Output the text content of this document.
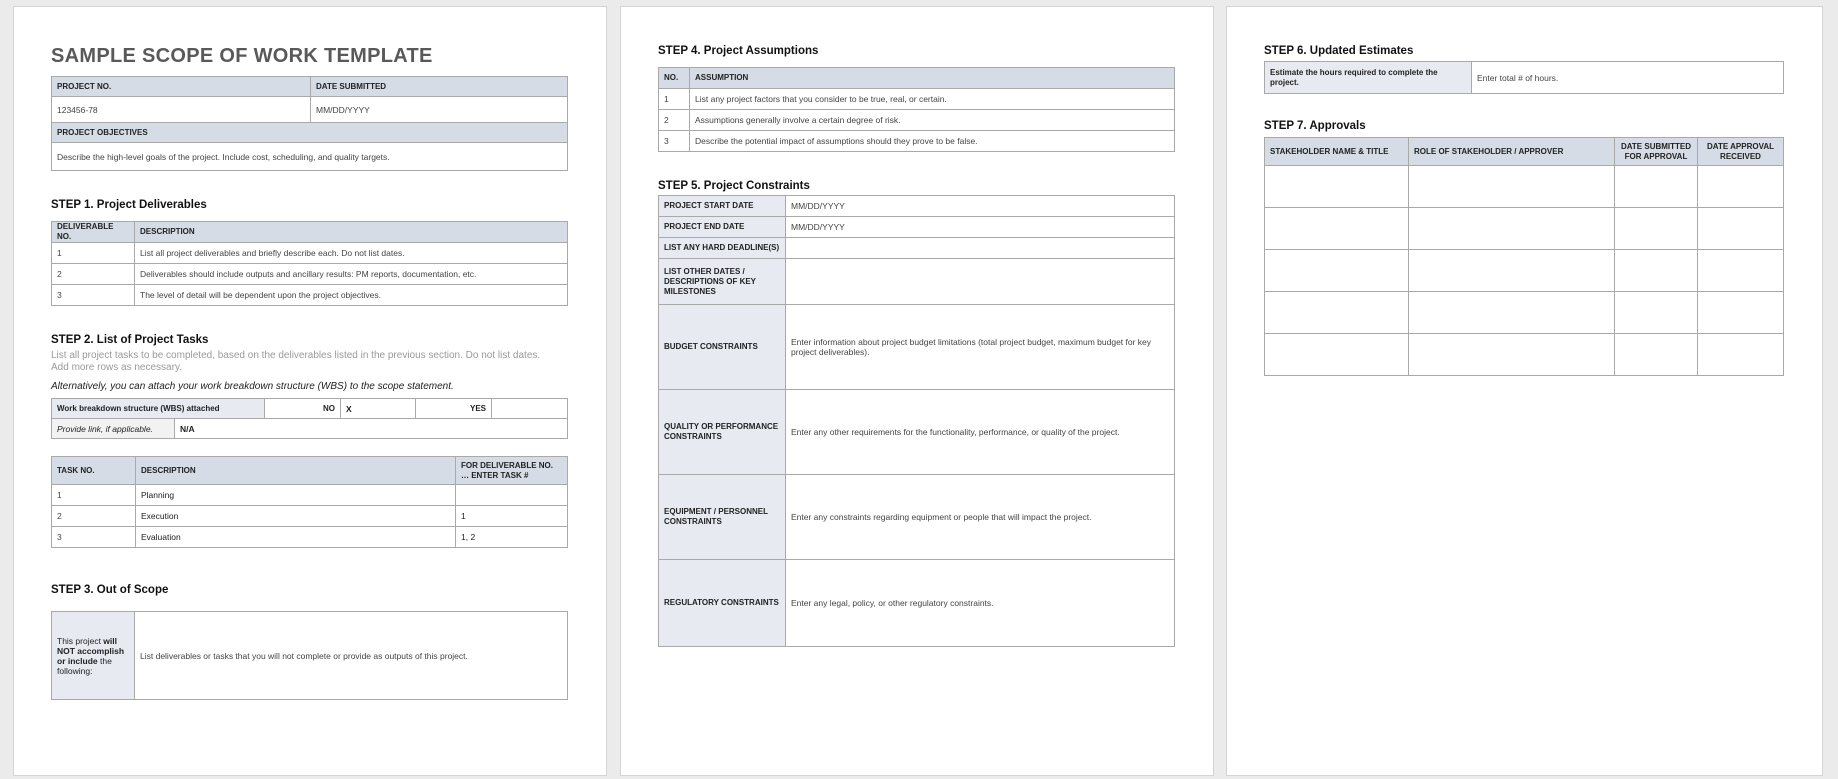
SAMPLE SCOPE OF WORK TEMPLATE
PROJECT NO.	DATE SUBMITTED
123456-78	MM/DD/YYYY
PROJECT OBJECTIVES	
Describe the high-level goals of the project. Include cost, scheduling, and quality targets.	
STEP 1. Project Deliverables
DELIVERABLE NO.	DESCRIPTION
1	List all project deliverables and briefly describe each. Do not list dates.
2	Deliverables should include outputs and ancillary results: PM reports, documentation, etc.
3	The level of detail will be dependent upon the project objectives.
STEP 2. List of Project Tasks
List all project tasks to be completed, based on the deliverables listed in the previous section. Do not list dates. Add more rows as necessary.
Alternatively, you can attach your work breakdown structure (WBS) to the scope statement.
Work breakdown structure (WBS) attached	NO	X	YES	
Provide link, if applicable.	N/A
TASK NO.	DESCRIPTION	FOR DELIVERABLE NO. … ENTER TASK #
1	Planning	
2	Execution	1
3	Evaluation	1, 2
STEP 3. Out of Scope
This project will NOT accomplish or include the following:	List deliverables or tasks that you will not complete or provide as outputs of this project.
STEP 4. Project Assumptions
NO.	ASSUMPTION
1	List any project factors that you consider to be true, real, or certain.
2	Assumptions generally involve a certain degree of risk.
3	Describe the potential impact of assumptions should they prove to be false.
STEP 5. Project Constraints
PROJECT START DATE	MM/DD/YYYY
PROJECT END DATE	MM/DD/YYYY
LIST ANY HARD DEADLINE(S)	
LIST OTHER DATES / DESCRIPTIONS OF KEY MILESTONES	
BUDGET CONSTRAINTS	Enter information about project budget limitations (total project budget, maximum budget for key project deliverables).
QUALITY OR PERFORMANCE CONSTRAINTS	Enter any other requirements for the functionality, performance, or quality of the project.
EQUIPMENT / PERSONNEL CONSTRAINTS	Enter any constraints regarding equipment or people that will impact the project.
REGULATORY CONSTRAINTS	Enter any legal, policy, or other regulatory constraints.
STEP 6. Updated Estimates
Estimate the hours required to complete the project.	Enter total # of hours.
STEP 7. Approvals
STAKEHOLDER NAME & TITLE	ROLE OF STAKEHOLDER / APPROVER	DATE SUBMITTED FOR APPROVAL	DATE APPROVAL RECEIVED
